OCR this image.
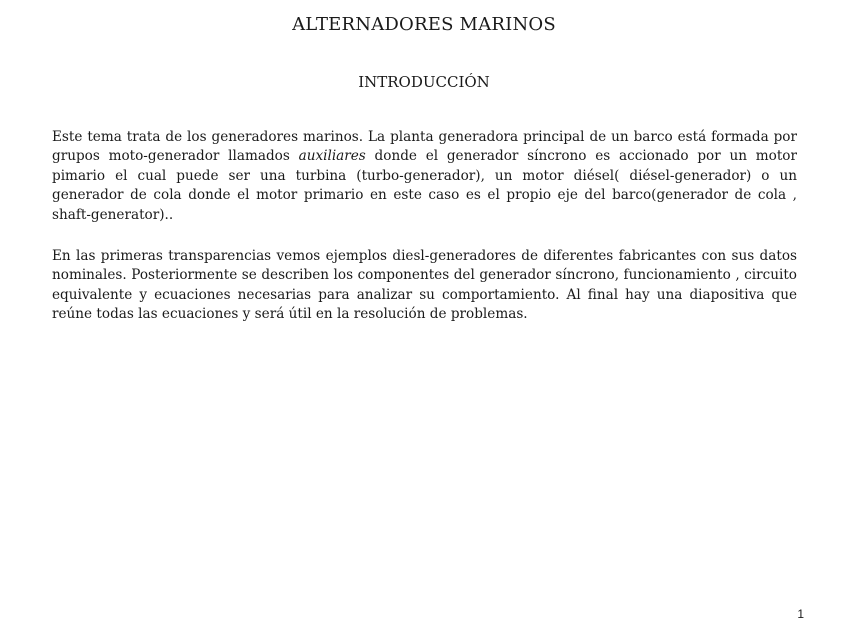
ALTERNADORES MARINOS
INTRODUCCIÓN

Este tema trata de los generadores marinos. La planta generadora principal de un barco está formada por grupos moto-generador llamados auxiliares donde el generador síncrono es accionado por un motor pimario el cual puede ser una turbina (turbo-generador), un motor diésel( diésel-generador) o un generador de cola donde el motor primario en este caso es el propio eje del barco(generador de cola , shaft-generator)..

En las primeras transparencias vemos ejemplos diesl-generadores de diferentes fabricantes con sus datos nominales. Posteriormente se describen los componentes del generador síncrono, funcionamiento , circuito equivalente y ecuaciones necesarias para analizar su comportamiento. Al final hay una diapositiva que reúne todas las ecuaciones y será útil en la resolución de problemas.

1
